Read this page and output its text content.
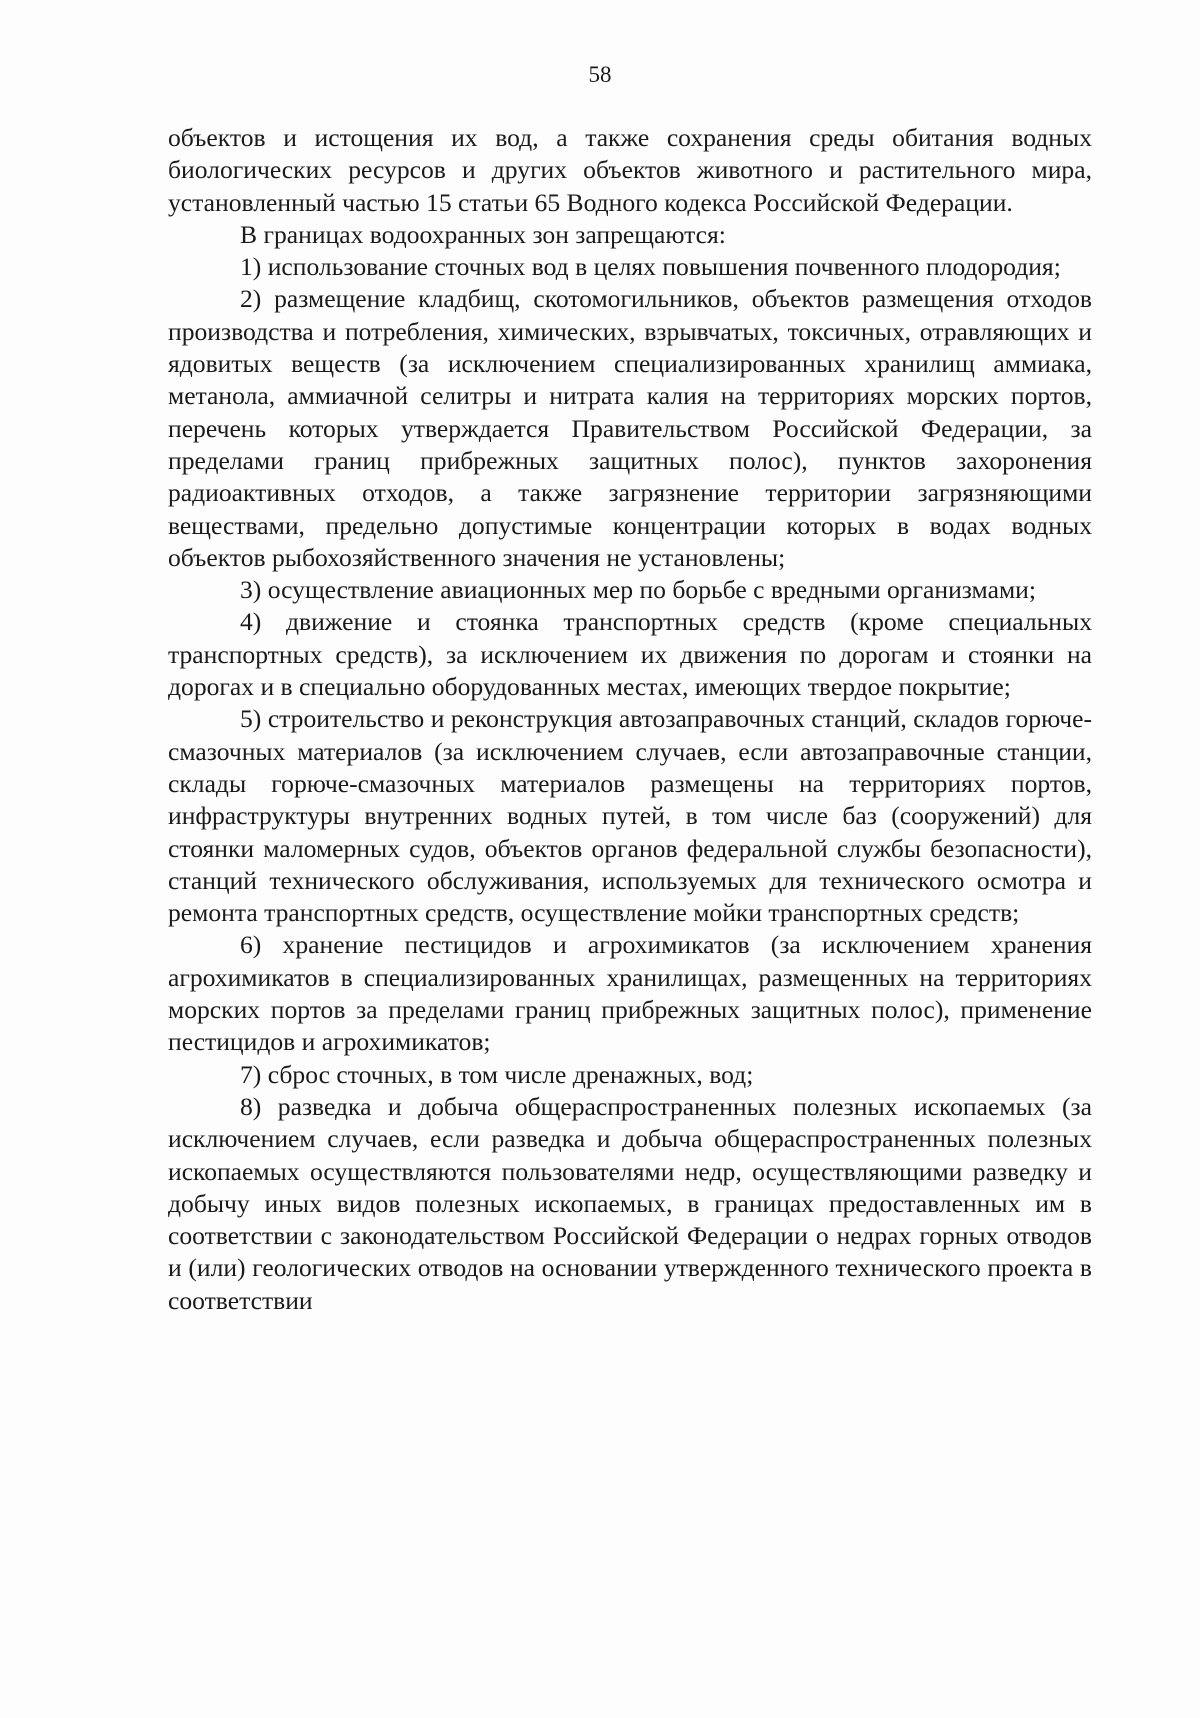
58

объектов и истощения их вод, а также сохранения среды обитания водных биологических ресурсов и других объектов животного и растительного мира, установленный частью 15 статьи 65 Водного кодекса Российской Федерации.

В границах водоохранных зон запрещаются:

1) использование сточных вод в целях повышения почвенного плодородия;

2) размещение кладбищ, скотомогильников, объектов размещения отходов производства и потребления, химических, взрывчатых, токсичных, отравляющих и ядовитых веществ (за исключением специализированных хранилищ аммиака, метанола, аммиачной селитры и нитрата калия на территориях морских портов, перечень которых утверждается Правительством Российской Федерации, за пределами границ прибрежных защитных полос), пунктов захоронения радиоактивных отходов, а также загрязнение территории загрязняющими веществами, предельно допустимые концентрации которых в водах водных объектов рыбохозяйственного значения не установлены;

3) осуществление авиационных мер по борьбе с вредными организмами;

4) движение и стоянка транспортных средств (кроме специальных транспортных средств), за исключением их движения по дорогам и стоянки на дорогах и в специально оборудованных местах, имеющих твердое покрытие;

5) строительство и реконструкция автозаправочных станций, складов горюче-смазочных материалов (за исключением случаев, если автозаправочные станции, склады горюче-смазочных материалов размещены на территориях портов, инфраструктуры внутренних водных путей, в том числе баз (сооружений) для стоянки маломерных судов, объектов органов федеральной службы безопасности), станций технического обслуживания, используемых для технического осмотра и ремонта транспортных средств, осуществление мойки транспортных средств;

6) хранение пестицидов и агрохимикатов (за исключением хранения агрохимикатов в специализированных хранилищах, размещенных на территориях морских портов за пределами границ прибрежных защитных полос), применение пестицидов и агрохимикатов;

7) сброс сточных, в том числе дренажных, вод;

8) разведка и добыча общераспространенных полезных ископаемых (за исключением случаев, если разведка и добыча общераспространенных полезных ископаемых осуществляются пользователями недр, осуществляющими разведку и добычу иных видов полезных ископаемых, в границах предоставленных им в соответствии с законодательством Российской Федерации о недрах горных отводов и (или) геологических отводов на основании утвержденного технического проекта в соответствии
